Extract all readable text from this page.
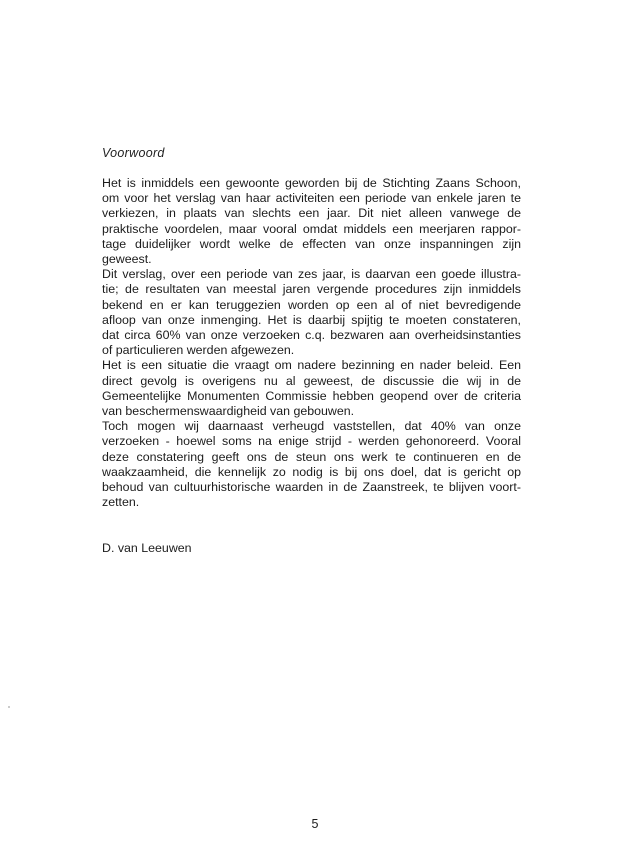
Voorwoord
Het is inmiddels een gewoonte geworden bij de Stichting Zaans Schoon,
om voor het verslag van haar activiteiten een periode van enkele jaren te
verkiezen, in plaats van slechts een jaar. Dit niet alleen vanwege de
praktische voordelen, maar vooral omdat middels een meerjaren rappor-
tage duidelijker wordt welke de effecten van onze inspanningen zijn
geweest.
Dit verslag, over een periode van zes jaar, is daarvan een goede illustra-
tie; de resultaten van meestal jaren vergende procedures zijn inmiddels
bekend en er kan teruggezien worden op een al of niet bevredigende
afloop van onze inmenging. Het is daarbij spijtig te moeten constateren,
dat circa 60% van onze verzoeken c.q. bezwaren aan overheidsinstanties
of particulieren werden afgewezen.
Het is een situatie die vraagt om nadere bezinning en nader beleid. Een
direct gevolg is overigens nu al geweest, de discussie die wij in de
Gemeentelijke Monumenten Commissie hebben geopend over de criteria
van beschermenswaardigheid van gebouwen.
Toch mogen wij daarnaast verheugd vaststellen, dat 40% van onze
verzoeken - hoewel soms na enige strijd - werden gehonoreerd. Vooral
deze constatering geeft ons de steun ons werk te continueren en de
waakzaamheid, die kennelijk zo nodig is bij ons doel, dat is gericht op
behoud van cultuurhistorische waarden in de Zaanstreek, te blijven voort-
zetten.
D. van Leeuwen
5
